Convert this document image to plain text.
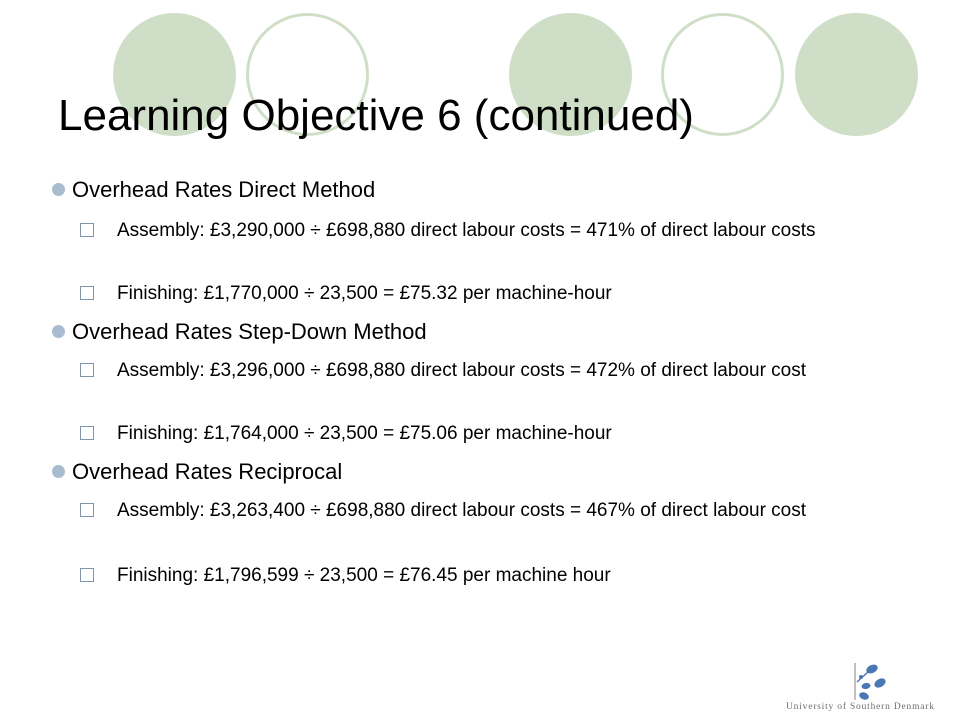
Learning Objective 6 (continued)
Overhead Rates Direct Method
Assembly: £3,290,000 ÷ £698,880 direct labour costs = 471% of direct labour costs
Finishing: £1,770,000 ÷ 23,500 = £75.32 per machine-hour
Overhead Rates Step-Down Method
Assembly: £3,296,000 ÷ £698,880 direct labour costs = 472% of direct labour cost
Finishing: £1,764,000 ÷ 23,500 = £75.06 per machine-hour
Overhead Rates Reciprocal
Assembly: £3,263,400 ÷ £698,880 direct labour costs = 467% of direct labour cost
Finishing: £1,796,599 ÷ 23,500 = £76.45 per machine hour
University of Southern Denmark
